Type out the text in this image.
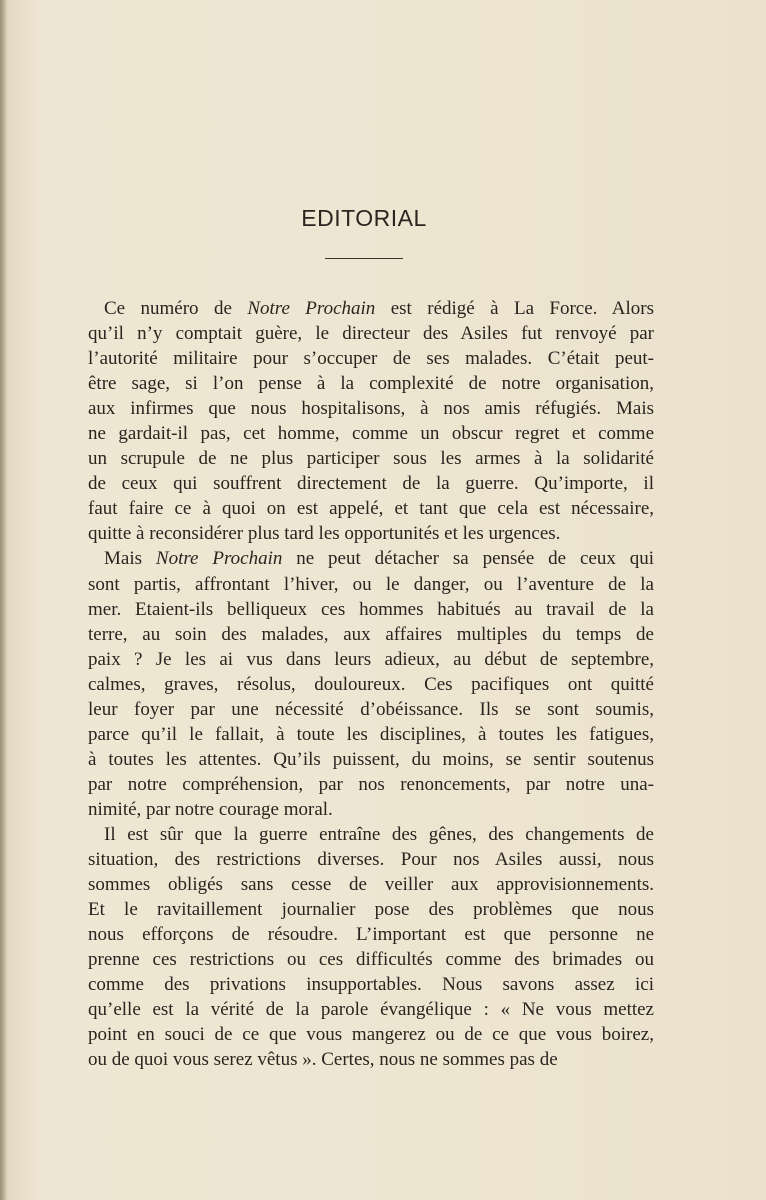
EDITORIAL

Ce numéro de Notre Prochain est rédigé à La Force. Alors

qu’il n’y comptait guère, le directeur des Asiles fut renvoyé par

l’autorité militaire pour s’occuper de ses malades. C’était peut-

être sage, si l’on pense à la complexité de notre organisation,

aux infirmes que nous hospitalisons, à nos amis réfugiés. Mais

ne gardait-il pas, cet homme, comme un obscur regret et comme

un scrupule de ne plus participer sous les armes à la solidarité

de ceux qui souffrent directement de la guerre. Qu’importe, il

faut faire ce à quoi on est appelé, et tant que cela est nécessaire,

quitte à reconsidérer plus tard les opportunités et les urgences.

Mais Notre Prochain ne peut détacher sa pensée de ceux qui

sont partis, affrontant l’hiver, ou le danger, ou l’aventure de la

mer. Etaient-ils belliqueux ces hommes habitués au travail de la

terre, au soin des malades, aux affaires multiples du temps de

paix ? Je les ai vus dans leurs adieux, au début de septembre,

calmes, graves, résolus, douloureux. Ces pacifiques ont quitté

leur foyer par une nécessité d’obéissance. Ils se sont soumis,

parce qu’il le fallait, à toute les disciplines, à toutes les fatigues,

à toutes les attentes. Qu’ils puissent, du moins, se sentir soutenus

par notre compréhension, par nos renoncements, par notre una-

nimité, par notre courage moral.

Il est sûr que la guerre entraîne des gênes, des changements de

situation, des restrictions diverses. Pour nos Asiles aussi, nous

sommes obligés sans cesse de veiller aux approvisionnements.

Et le ravitaillement journalier pose des problèmes que nous

nous efforçons de résoudre. L’important est que personne ne

prenne ces restrictions ou ces difficultés comme des brimades ou

comme des privations insupportables. Nous savons assez ici

qu’elle est la vérité de la parole évangélique : « Ne vous mettez

point en souci de ce que vous mangerez ou de ce que vous boirez,

ou de quoi vous serez vêtus ». Certes, nous ne sommes pas de
